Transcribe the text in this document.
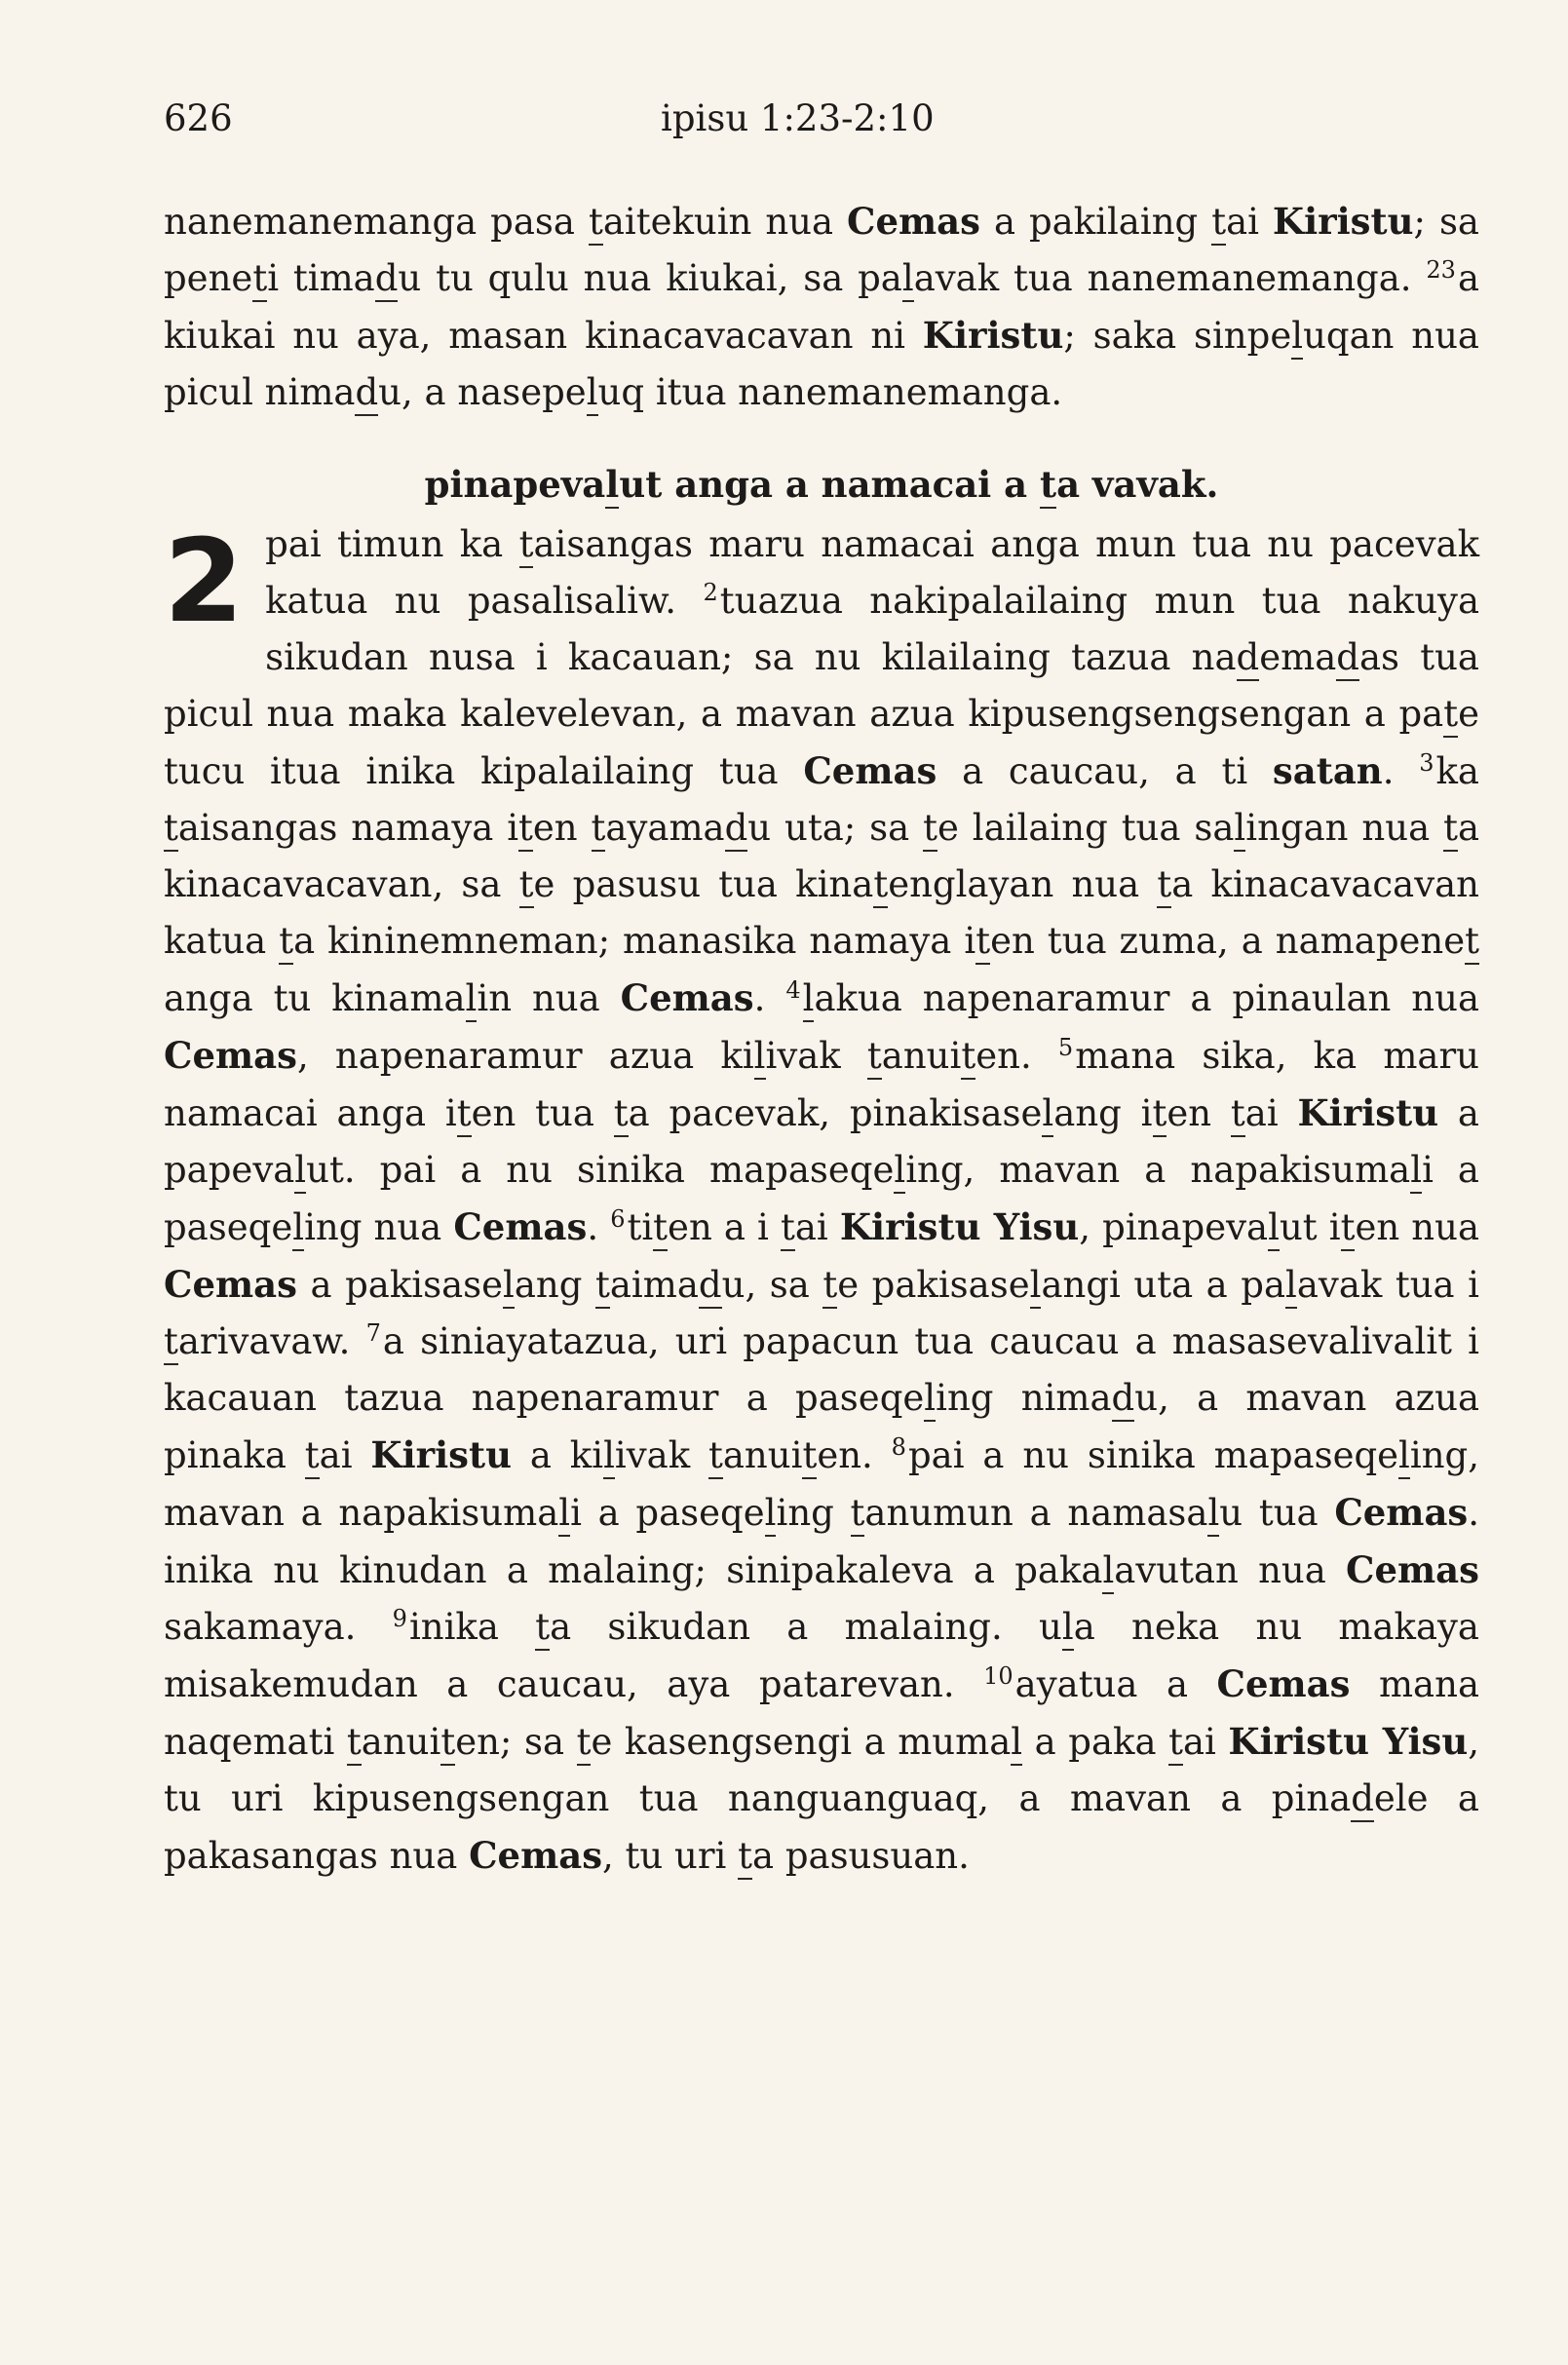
626	ipisu 1:23-2:10

nanemanemanga pasa taitekuin nua Cemas a pakilaing tai Kiristu; sa peneti timadu tu qulu nua kiukai, sa palavak tua nanemanemanga. $^{23}$a kiukai nu aya, masan kinacavacavan ni Kiristu; saka sinpeluqan nua picul nimadu, a nasepeluq itua nanemanemanga.

pinapevalut anga a namacai a ta vavak.

2 pai timun ka taisangas maru namacai anga mun tua nu pacevak katua nu pasalisaliw. $^2$tuazua nakipalailaing mun tua nakuya sikudan nusa i kacauan; sa nu kilailaing tazua nademadas tua picul nua maka kalevelevan, a mavan azua kipusengsengsengan a pate tucu itua inika kipalailaing tua Cemas a caucau, a ti satan. $^3$ka taisangas namaya iten tayamadu uta; sa te lailaing tua salingan nua ta kinacavacavan, sa te pasusu tua kinatenglayan nua ta kinacavacavan katua ta kininemneman; manasika namaya iten tua zuma, a namapenet anga tu kinamalin nua Cemas. $^4$lakua napenaramur a pinaulan nua Cemas, napenaramur azua kilivak tanuiten. $^5$mana sika, ka maru namacai anga iten tua ta pacevak, pinakisaselang iten tai Kiristu a papevalut. pai a nu sinika mapaseqeling, mavan a napakisumali a paseqeling nua Cemas. $^6$titen a i tai Kiristu Yisu, pinapevalut iten nua Cemas a pakisaselang taimadu, sa te pakisaselangi uta a palavak tua i tarivavaw. $^7$a siniayatazua, uri papacun tua caucau a masasevalivalit i kacauan tazua napenaramur a paseqeling nimadu, a mavan azua pinaka tai Kiristu a kilivak tanuiten. $^8$pai a nu sinika mapaseqeling, mavan a napakisumali a paseqeling tanumun a namasalu tua Cemas. inika nu kinudan a malaing; sinipakaleva a pakalavutan nua Cemas sakamaya. $^9$inika ta sikudan a malaing. ula neka nu makaya misakemudan a caucau, aya patarevan. $^{10}$ayatua a Cemas mana naqemati tanuiten; sa te kasengsengi a mumal a paka tai Kiristu Yisu, tu uri kipusengsengan tua nanguanguaq, a mavan a pinadele a pakasangas nua Cemas, tu uri ta pasusuan.
